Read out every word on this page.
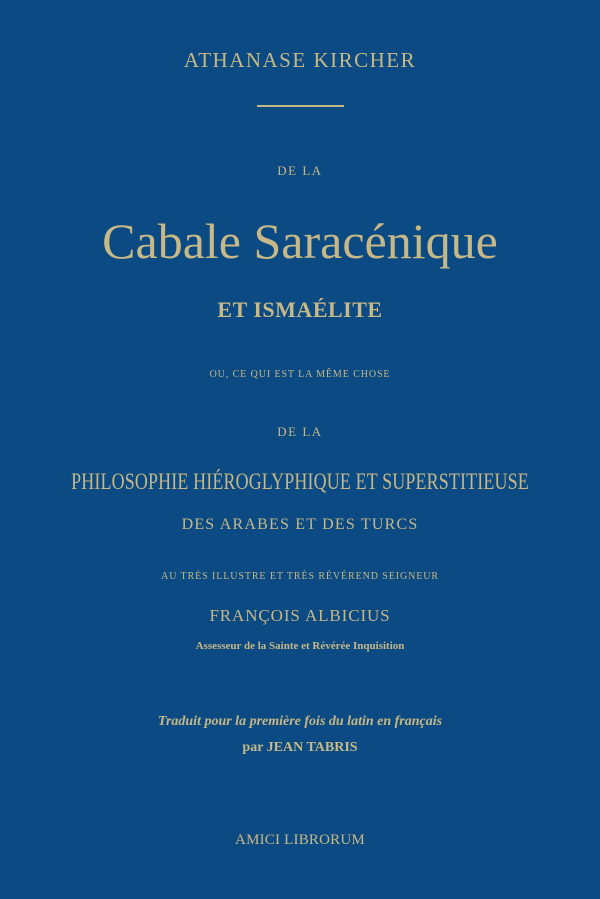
ATHANASE KIRCHER
DE LA
Cabale Saracénique
ET ISMAÉLITE
OU, CE QUI EST LA MÊME CHOSE
DE LA
PHILOSOPHIE HIÉROGLYPHIQUE ET SUPERSTITIEUSE
DES ARABES ET DES TURCS
AU TRÈS ILLUSTRE ET TRÈS RÉVÉREND SEIGNEUR
FRANÇOIS ALBICIUS
Assesseur de la Sainte et Révérée Inquisition
Traduit pour la première fois du latin en français
par JEAN TABRIS
AMICI LIBRORUM
